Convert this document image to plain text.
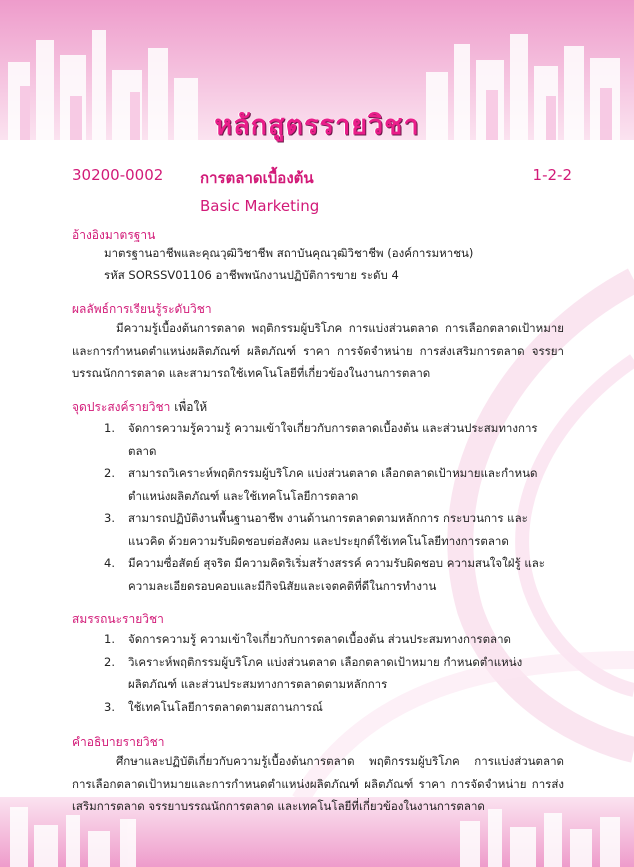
หลักสูตรรายวิชา
30200-0002 การตลาดเบื้องต้น	1-2-2
Basic Marketing
อ้างอิงมาตรฐาน
มาตรฐานอาชีพและคุณวุฒิวิชาชีพ สถาบันคุณวุฒิวิชาชีพ (องค์การมหาชน)
รหัส SORSSV01106 อาชีพพนักงานปฏิบัติการขาย ระดับ 4
ผลลัพธ์การเรียนรู้ระดับวิชา
มีความรู้เบื้องต้นการตลาด พฤติกรรมผู้บริโภค การแบ่งส่วนตลาด การเลือกตลาดเป้าหมาย และการกำหนดตำแหน่งผลิตภัณฑ์ ผลิตภัณฑ์ ราคา การจัดจำหน่าย การส่งเสริมการตลาด จรรยาบรรณนักการตลาด และสามารถใช้เทคโนโลยีที่เกี่ยวข้องในงานการตลาด
จุดประสงค์รายวิชา เพื่อให้
1. จัดการความรู้ความรู้ ความเข้าใจเกี่ยวกับการตลาดเบื้องต้น และส่วนประสมทางการตลาด
2. สามารถวิเคราะห์พฤติกรรมผู้บริโภค แบ่งส่วนตลาด เลือกตลาดเป้าหมายและกำหนดตำแหน่งผลิตภัณฑ์ และใช้เทคโนโลยีการตลาด
3. สามารถปฏิบัติงานพื้นฐานอาชีพ งานด้านการตลาดตามหลักการ กระบวนการ และแนวคิด ด้วยความรับผิดชอบต่อสังคม และประยุกต์ใช้เทคโนโลยีทางการตลาด
4. มีความซื่อสัตย์ สุจริต มีความคิดริเริ่มสร้างสรรค์ ความรับผิดชอบ ความสนใจใฝ่รู้ และความละเอียดรอบคอบและมีกิจนิสัยและเจตคติที่ดีในการทำงาน
สมรรถนะรายวิชา
1. จัดการความรู้ ความเข้าใจเกี่ยวกับการตลาดเบื้องต้น ส่วนประสมทางการตลาด
2. วิเคราะห์พฤติกรรมผู้บริโภค แบ่งส่วนตลาด เลือกตลาดเป้าหมาย กำหนดตำแหน่งผลิตภัณฑ์ และส่วนประสมทางการตลาดตามหลักการ
3. ใช้เทคโนโลยีการตลาดตามสถานการณ์
คำอธิบายรายวิชา
ศึกษาและปฏิบัติเกี่ยวกับความรู้เบื้องต้นการตลาด พฤติกรรมผู้บริโภค การแบ่งส่วนตลาด การเลือกตลาดเป้าหมายและการกำหนดตำแหน่งผลิตภัณฑ์ ผลิตภัณฑ์ ราคา การจัดจำหน่าย การส่งเสริมการตลาด จรรยาบรรณนักการตลาด และเทคโนโลยีที่เกี่ยวข้องในงานการตลาด
